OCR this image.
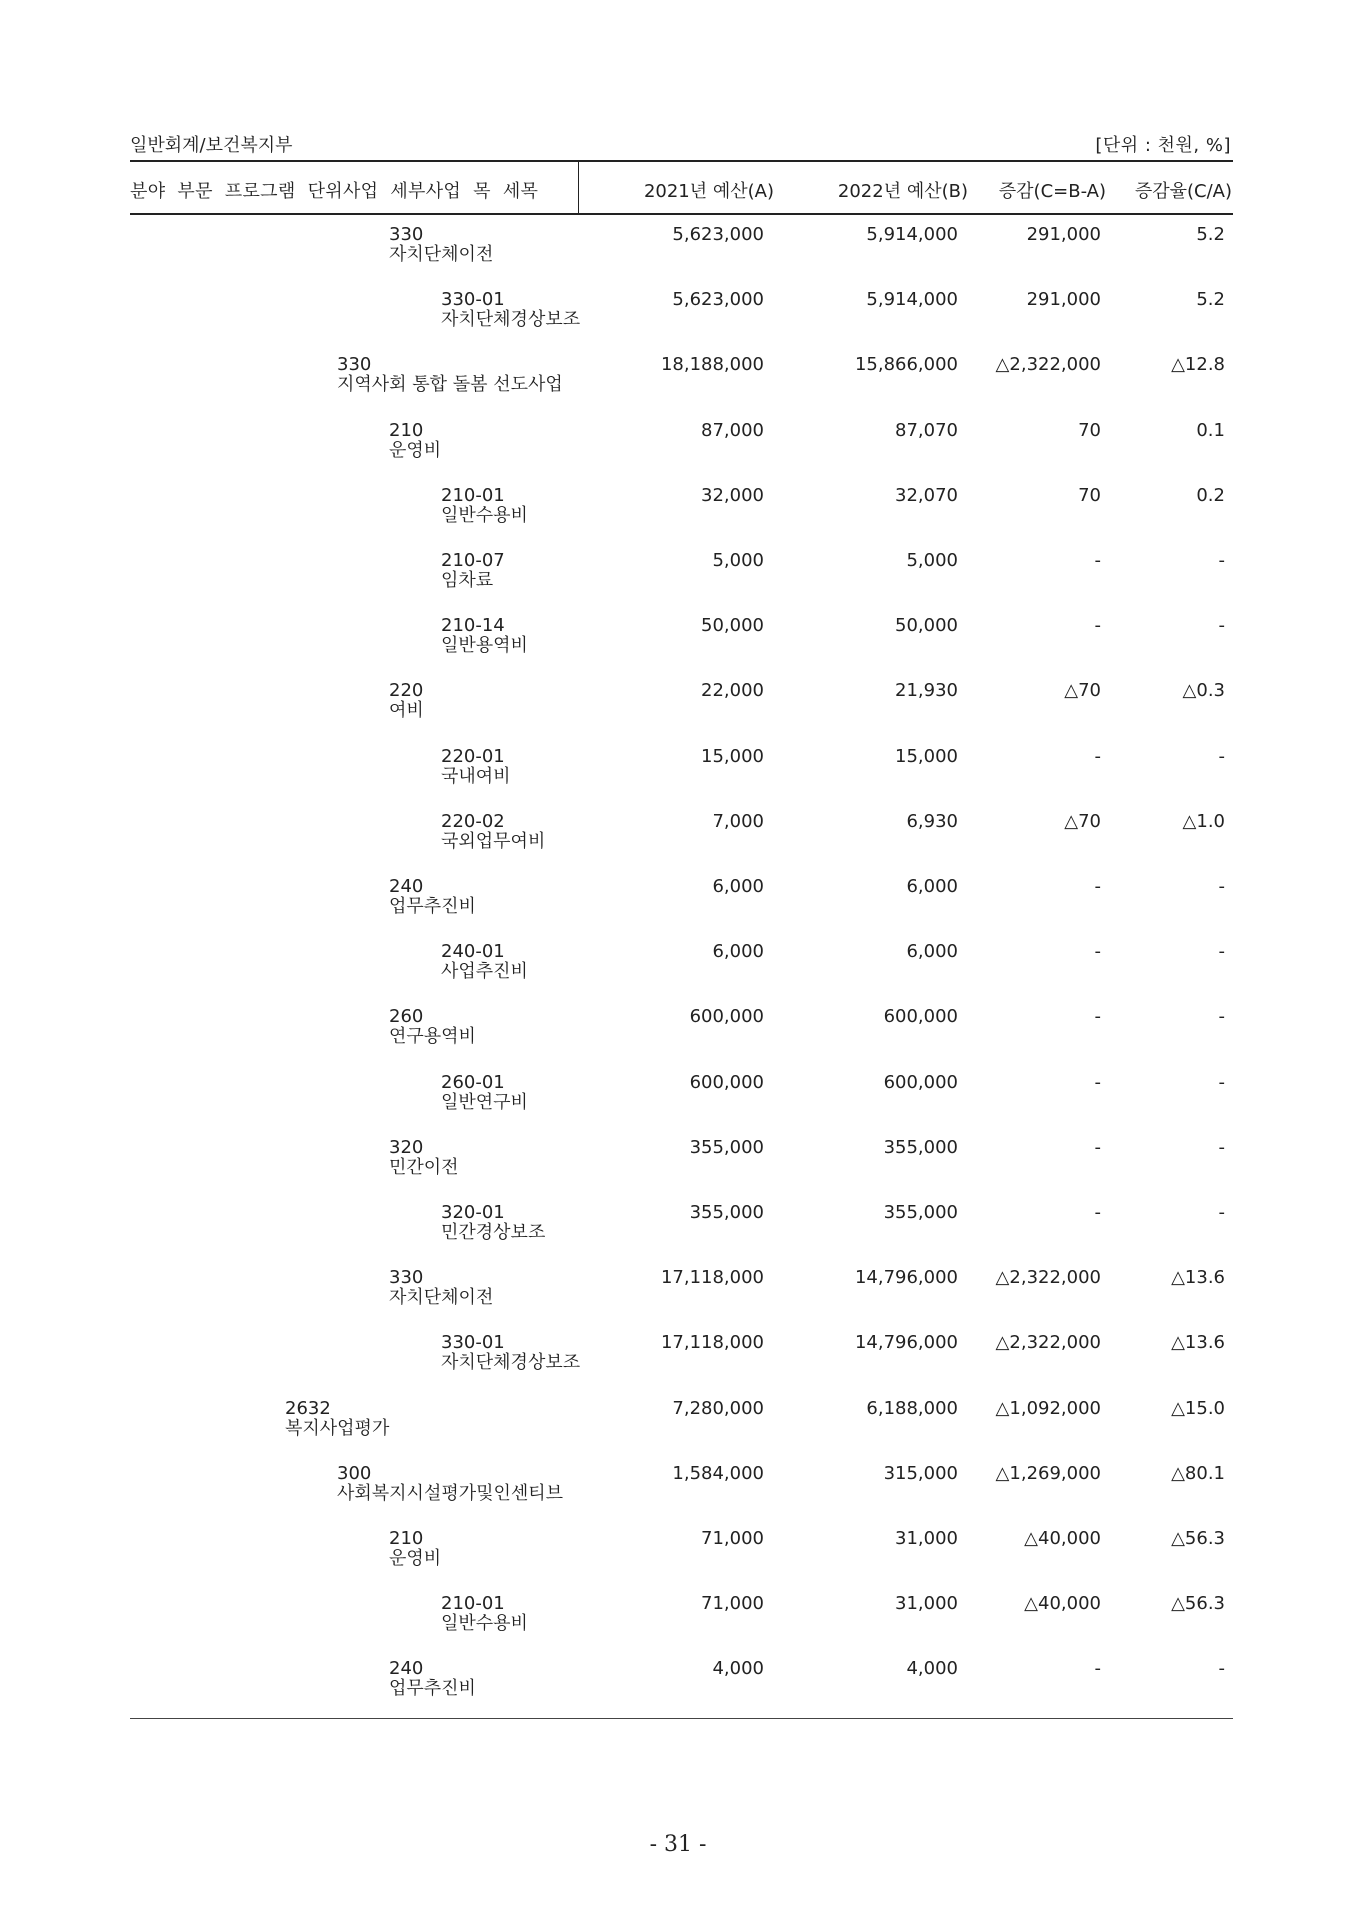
일반회계/보건복지부	[단위 : 천원, %]
분야 부문 프로그램 단위사업 세부사업 목 세목	2021년 예산(A)	2022년 예산(B) 증감(C=B-A) 증감율(C/A)
330
자치단체이전
5,623,000	5,914,000	291,000	5.2
330-01
자치단체경상보조
5,623,000	5,914,000	291,000	5.2
330
지역사회 통합 돌봄 선도사업
18,188,000	15,866,000 △2,322,000	△12.8
210
운영비
87,000	87,070	70	0.1
210-01
일반수용비
32,000	32,070	70	0.2
210-07
임차료
5,000	5,000	-	-
210-14
일반용역비
50,000	50,000	-	-
220
여비
22,000	21,930	△70	△0.3
220-01
국내여비
15,000	15,000	-	-
220-02
국외업무여비
7,000	6,930	△70	△1.0
240
업무추진비
6,000	6,000	-	-
240-01
사업추진비
6,000	6,000	-	-
260
연구용역비
600,000	600,000	-	-
260-01
일반연구비
600,000	600,000	-	-
320
민간이전
355,000	355,000	-	-
320-01
민간경상보조
355,000	355,000	-	-
330
자치단체이전
17,118,000	14,796,000 △2,322,000	△13.6
330-01
자치단체경상보조
17,118,000	14,796,000 △2,322,000	△13.6
2632
복지사업평가
7,280,000	6,188,000 △1,092,000	△15.0
300
사회복지시설평가및인센티브
1,584,000	315,000 △1,269,000	△80.1
210
운영비
71,000	31,000	△40,000	△56.3
210-01
일반수용비
71,000	31,000	△40,000	△56.3
240
업무추진비
4,000	4,000	-	-
- 31 -
